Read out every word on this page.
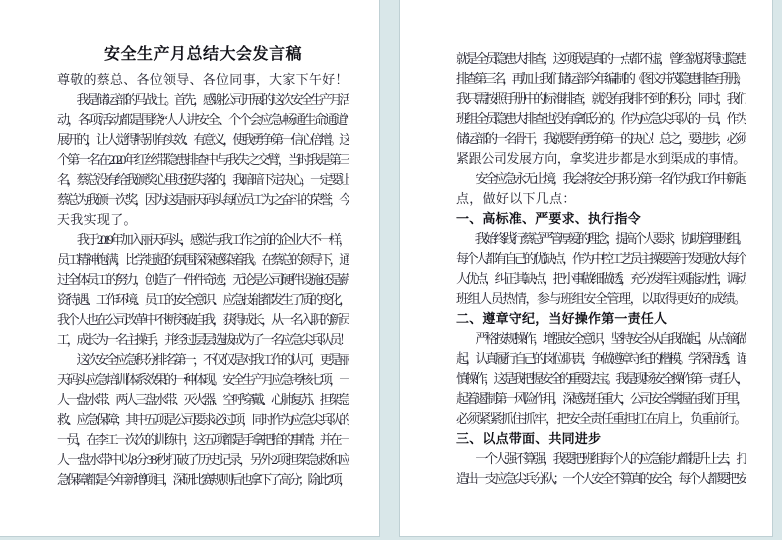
安全生产月总结大会发言稿
尊敬的蔡总、各位领导、各位同事，大家下午好！
　　我是储运部的马战士。首先，感谢公司开展的这次安全生产月活
动，各项活动都是围绕“人人讲安全、个个会应急-畅通生命通道”
展开的，让人觉得特别有实效、有意义，使我勇争第一信心倍增。这
个第一名在 2020 年红丝带隐患排查中与我失之交臂，当时我是第三
名，蔡总没有给我颁奖心里还挺失落的，我暗暗下定决心，一定要让
蔡总为我颁一次奖，因为这是丽天码头每位员工为之奋斗的荣誉，今
天我实现了。
　　我于 2019 年加入丽天码头，感觉与我工作之前的企业大不一样，
员工精神饱满，比学赶超的氛围深深感染着我。在蔡总的领导下，通
过全体员工的努力，创造了一件件奇迹，无论是公司硬件设施还是薪
资待遇、工作环境、员工的安全意识、应急技能都发生了质的变化，
我个人也在公司改革中不断突破自我，获得成长，从一名入职的新员
工，成长为一名主操手，并经过层层选拔成为了一名应急尖兵队员！
　　这次安全应急积分排名第一，不仅仅是对我工作的认可，更是丽
天码头应急培训体系效果的一种体现。安全生产月应急考核七项，一
人一盘水带、两人三盘水带、灭火器、空呼穿戴、心肺复苏、担架急
救、应急保障；其中五项是公司要求必过项，同时作为应急尖兵队的
一员，在李工一次次的训练中，这五项都是手拿把掐的事情；并在一
人一盘水带中以 8 分 38 秒打破了历史记录，另外 2 项担架急救和应
急保障都是今年新增项目，深研比赛规则后也拿下了高分；除此 7 项，
就是全员隐患大排查，这项我是真的一点都不虚，曾经就获得过隐患
排查第三名，再加上我们储运部今年编制的《图文并茂隐患排查手册》，
我只需按照手册中的标准排查，就没有我排不到的积分，同时，我们
班组全员隐患大排查也没有拿低分的。作为应急尖兵队的一员，作为
储运部的一名骨干，我就要有勇争第一的决心！总之，要进步，必须
紧跟公司发展方向，拿奖进步都是水到渠成的事情。
　　安全应急永无止境，我会将安全月积分第一名作为我工作中新起
点，做好以下几点：
一、高标准、严要求、执行指令
　　我始终践行蔡总严管厚爱的理念，提高个人要求，协助管理班组。
每个人都有自己的优缺点，作为中控工艺员主操要善于发现放大每个
人优点，纠正其缺点，把小事做细做透，充分发挥主观能动性，调动
班组人员热情，参与班组安全管理，以取得更好的成绩。
二、遵章守纪，当好操作第一责任人
　　严格按规操作，增强安全意识，坚持安全从自我做起，从点滴做
起，认真履行自己的岗位职责，争做遵章守纪的楷模。学深悟透，谨
慎操作，这是我把握安全的重要法宝。我是现场安全操作第一责任人，
起着遏制第一风险作用，深感责任重大，公司安全掌握在我们手里，
必须紧紧抓住抓牢，把安全责任重担扛在肩上，负重前行。
三、以点带面、共同进步
　　一个人强不算强，我要把班组每个人的应急能力都提升上去，打
造出一支应急尖兵分队；一个人安全不算真的安全，每个人都要把安
